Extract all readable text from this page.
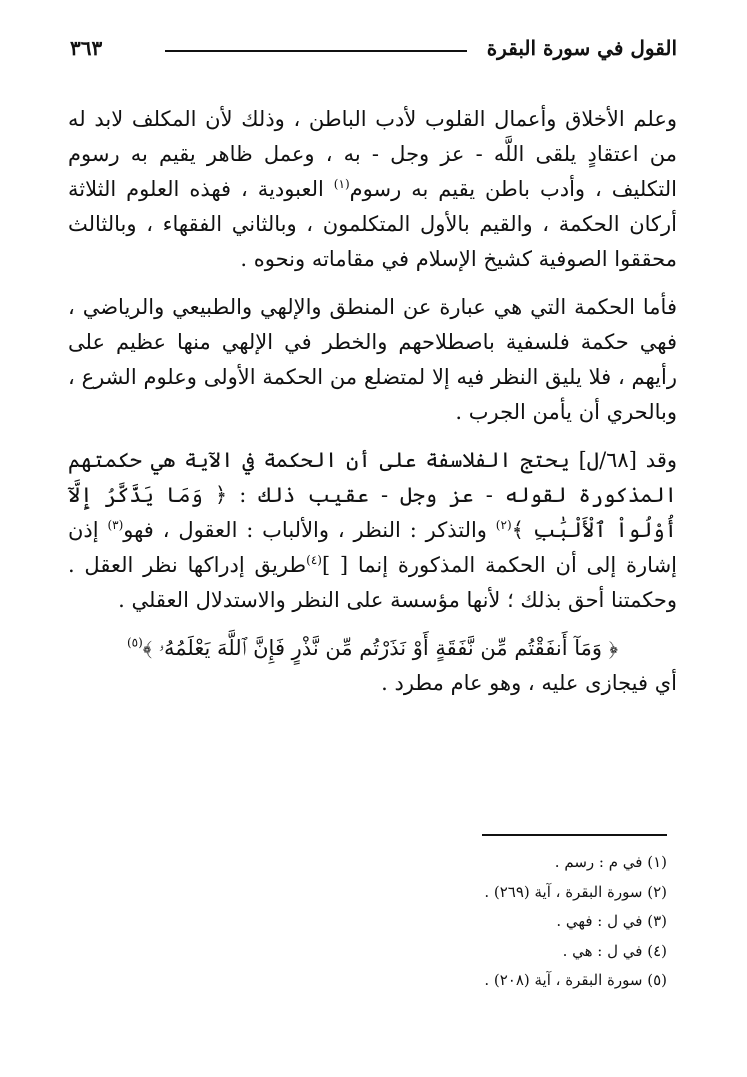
القول في سورة البقرة
٣٦٣

وعلم الأخلاق وأعمال القلوب لأدب الباطن ، وذلك لأن المكلف لابد له من اعتقادٍ يلقى اللَّه - عز وجل - به ، وعمل ظاهر يقيم به رسوم التكليف ، وأدب باطن يقيم به رسوم$^{(١)}$ العبودية ، فهذه العلوم الثلاثة أركان الحكمة ، والقيم بالأول المتكلمون ، وبالثاني الفقهاء ، وبالثالث محققوا الصوفية كشيخ الإسلام في مقاماته ونحوه .

فأما الحكمة التي هي عبارة عن المنطق والإلهي والطبيعي والرياضي ، فهي حكمة فلسفية باصطلاحهم والخطر في الإلهي منها عظيم على رأيهم ، فلا يليق النظر فيه إلا لمتضلع من الحكمة الأولى وعلوم الشرع ، وبالحري أن يأمن الجرب .

وقد [٦٨/ل] يحتج الفلاسفة على أن الحكمة في الآية هي حكمتهم المذكورة لقوله - عز وجل - عقيب ذلك : ﴿ وَمَا يَذَّكَّرُ إِلَّآ أُوْلُواْ ٱلْأَلْبَٰبِ ﴾$^{(٢)}$ والتذكر : النظر ، والألباب : العقول ، فهو$^{(٣)}$ إذن إشارة إلى أن الحكمة المذكورة إنما [ ]$^{(٤)}$طريق إدراكها نظر العقل . وحكمتنا أحق بذلك ؛ لأنها مؤسسة على النظر والاستدلال العقلي .

﴿ وَمَآ أَنفَقْتُم مِّن نَّفَقَةٍ أَوْ نَذَرْتُم مِّن نَّذْرٍ فَإِنَّ ٱللَّهَ يَعْلَمُهُۥ ﴾$^{(٥)}$

أي فيجازى عليه ، وهو عام مطرد .

(١) في م : رسم .
(٢) سورة البقرة ، آية (٢٦٩) .
(٣) في ل : فهي .
(٤) في ل : هي .
(٥) سورة البقرة ، آية (٢٠٨) .
